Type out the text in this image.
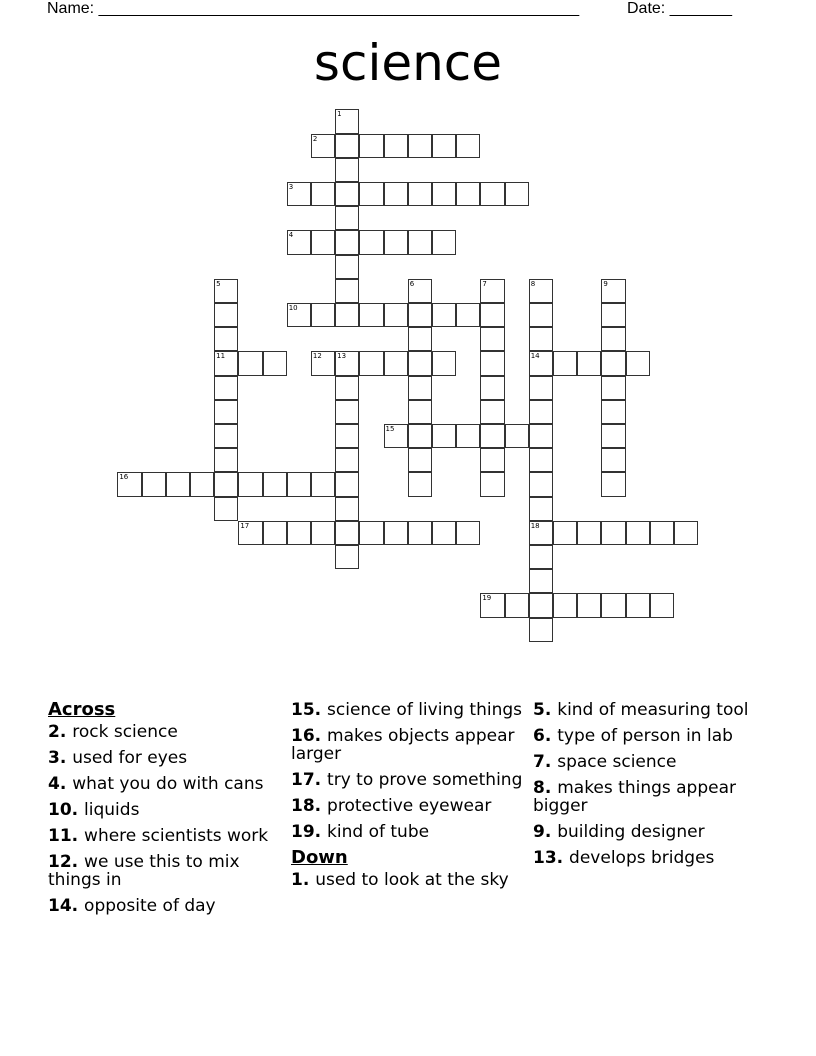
Name: ______________________________________________________	Date: _______
science
1
2
3
4
5
11
6	7	8
14
18
9
10
12 13
15
16
17
19
Across
2. rock science
3. used for eyes
4. what you do with cans
10. liquids
11. where scientists work
12. we use this to mix things in
14. opposite of day
15. science of living things
16. makes objects appear larger
17. try to prove something
18. protective eyewear
19. kind of tube
Down
1. used to look at the sky
5. kind of measuring tool
6. type of person in lab
7. space science
8. makes things appear bigger
9. building designer
13. develops bridges
